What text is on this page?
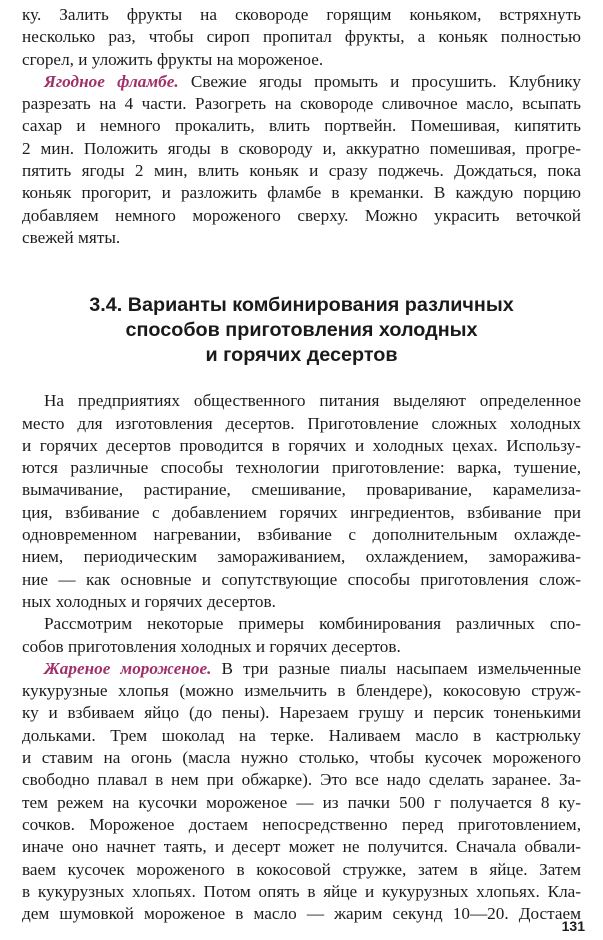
ку. Залить фрукты на сковороде горящим коньяком, встряхнуть
несколько раз, чтобы сироп пропитал фрукты, а коньяк полностью
сгорел, и уложить фрукты на мороженое.
Ягодное фламбе. Свежие ягоды промыть и просушить. Клубнику
разрезать на 4 части. Разогреть на сковороде сливочное масло, всыпать
сахар и немного прокалить, влить портвейн. Помешивая, кипятить
2 мин. Положить ягоды в сковороду и, аккуратно помешивая, прогре-
пятить ягоды 2 мин, влить коньяк и сразу поджечь. Дождаться, пока
коньяк прогорит, и разложить фламбе в креманки. В каждую порцию
добавляем немного мороженого сверху. Можно украсить веточкой
свежей мяты.
3.4. Варианты комбинирования различных
способов приготовления холодных
и горячих десертов
На предприятиях общественного питания выделяют определенное
место для изготовления десертов. Приготовление сложных холодных
и горячих десертов проводится в горячих и холодных цехах. Использу-
ются различные способы технологии приготовление: варка, тушение,
вымачивание, растирание, смешивание, проваривание, карамелиза-
ция, взбивание с добавлением горячих ингредиентов, взбивание при
одновременном нагревании, взбивание с дополнительным охлажде-
нием, периодическим замораживанием, охлаждением, заморажива-
ние — как основные и сопутствующие способы приготовления слож-
ных холодных и горячих десертов.
Рассмотрим некоторые примеры комбинирования различных спо-
собов приготовления холодных и горячих десертов.
Жареное мороженое. В три разные пиалы насыпаем измельченные
кукурузные хлопья (можно измельчить в блендере), кокосовую струж-
ку и взбиваем яйцо (до пены). Нарезаем грушу и персик тоненькими
дольками. Трем шоколад на терке. Наливаем масло в кастрюльку
и ставим на огонь (масла нужно столько, чтобы кусочек мороженого
свободно плавал в нем при обжарке). Это все надо сделать заранее. За-
тем режем на кусочки мороженое — из пачки 500 г получается 8 ку-
сочков. Мороженое достаем непосредственно перед приготовлением,
иначе оно начнет таять, и десерт может не получится. Сначала обвали-
ваем кусочек мороженого в кокосовой стружке, затем в яйце. Затем
в кукурузных хлопьях. Потом опять в яйце и кукурузных хлопьях. Кла-
дем шумовкой мороженое в масло — жарим секунд 10—20. Достаем
131
